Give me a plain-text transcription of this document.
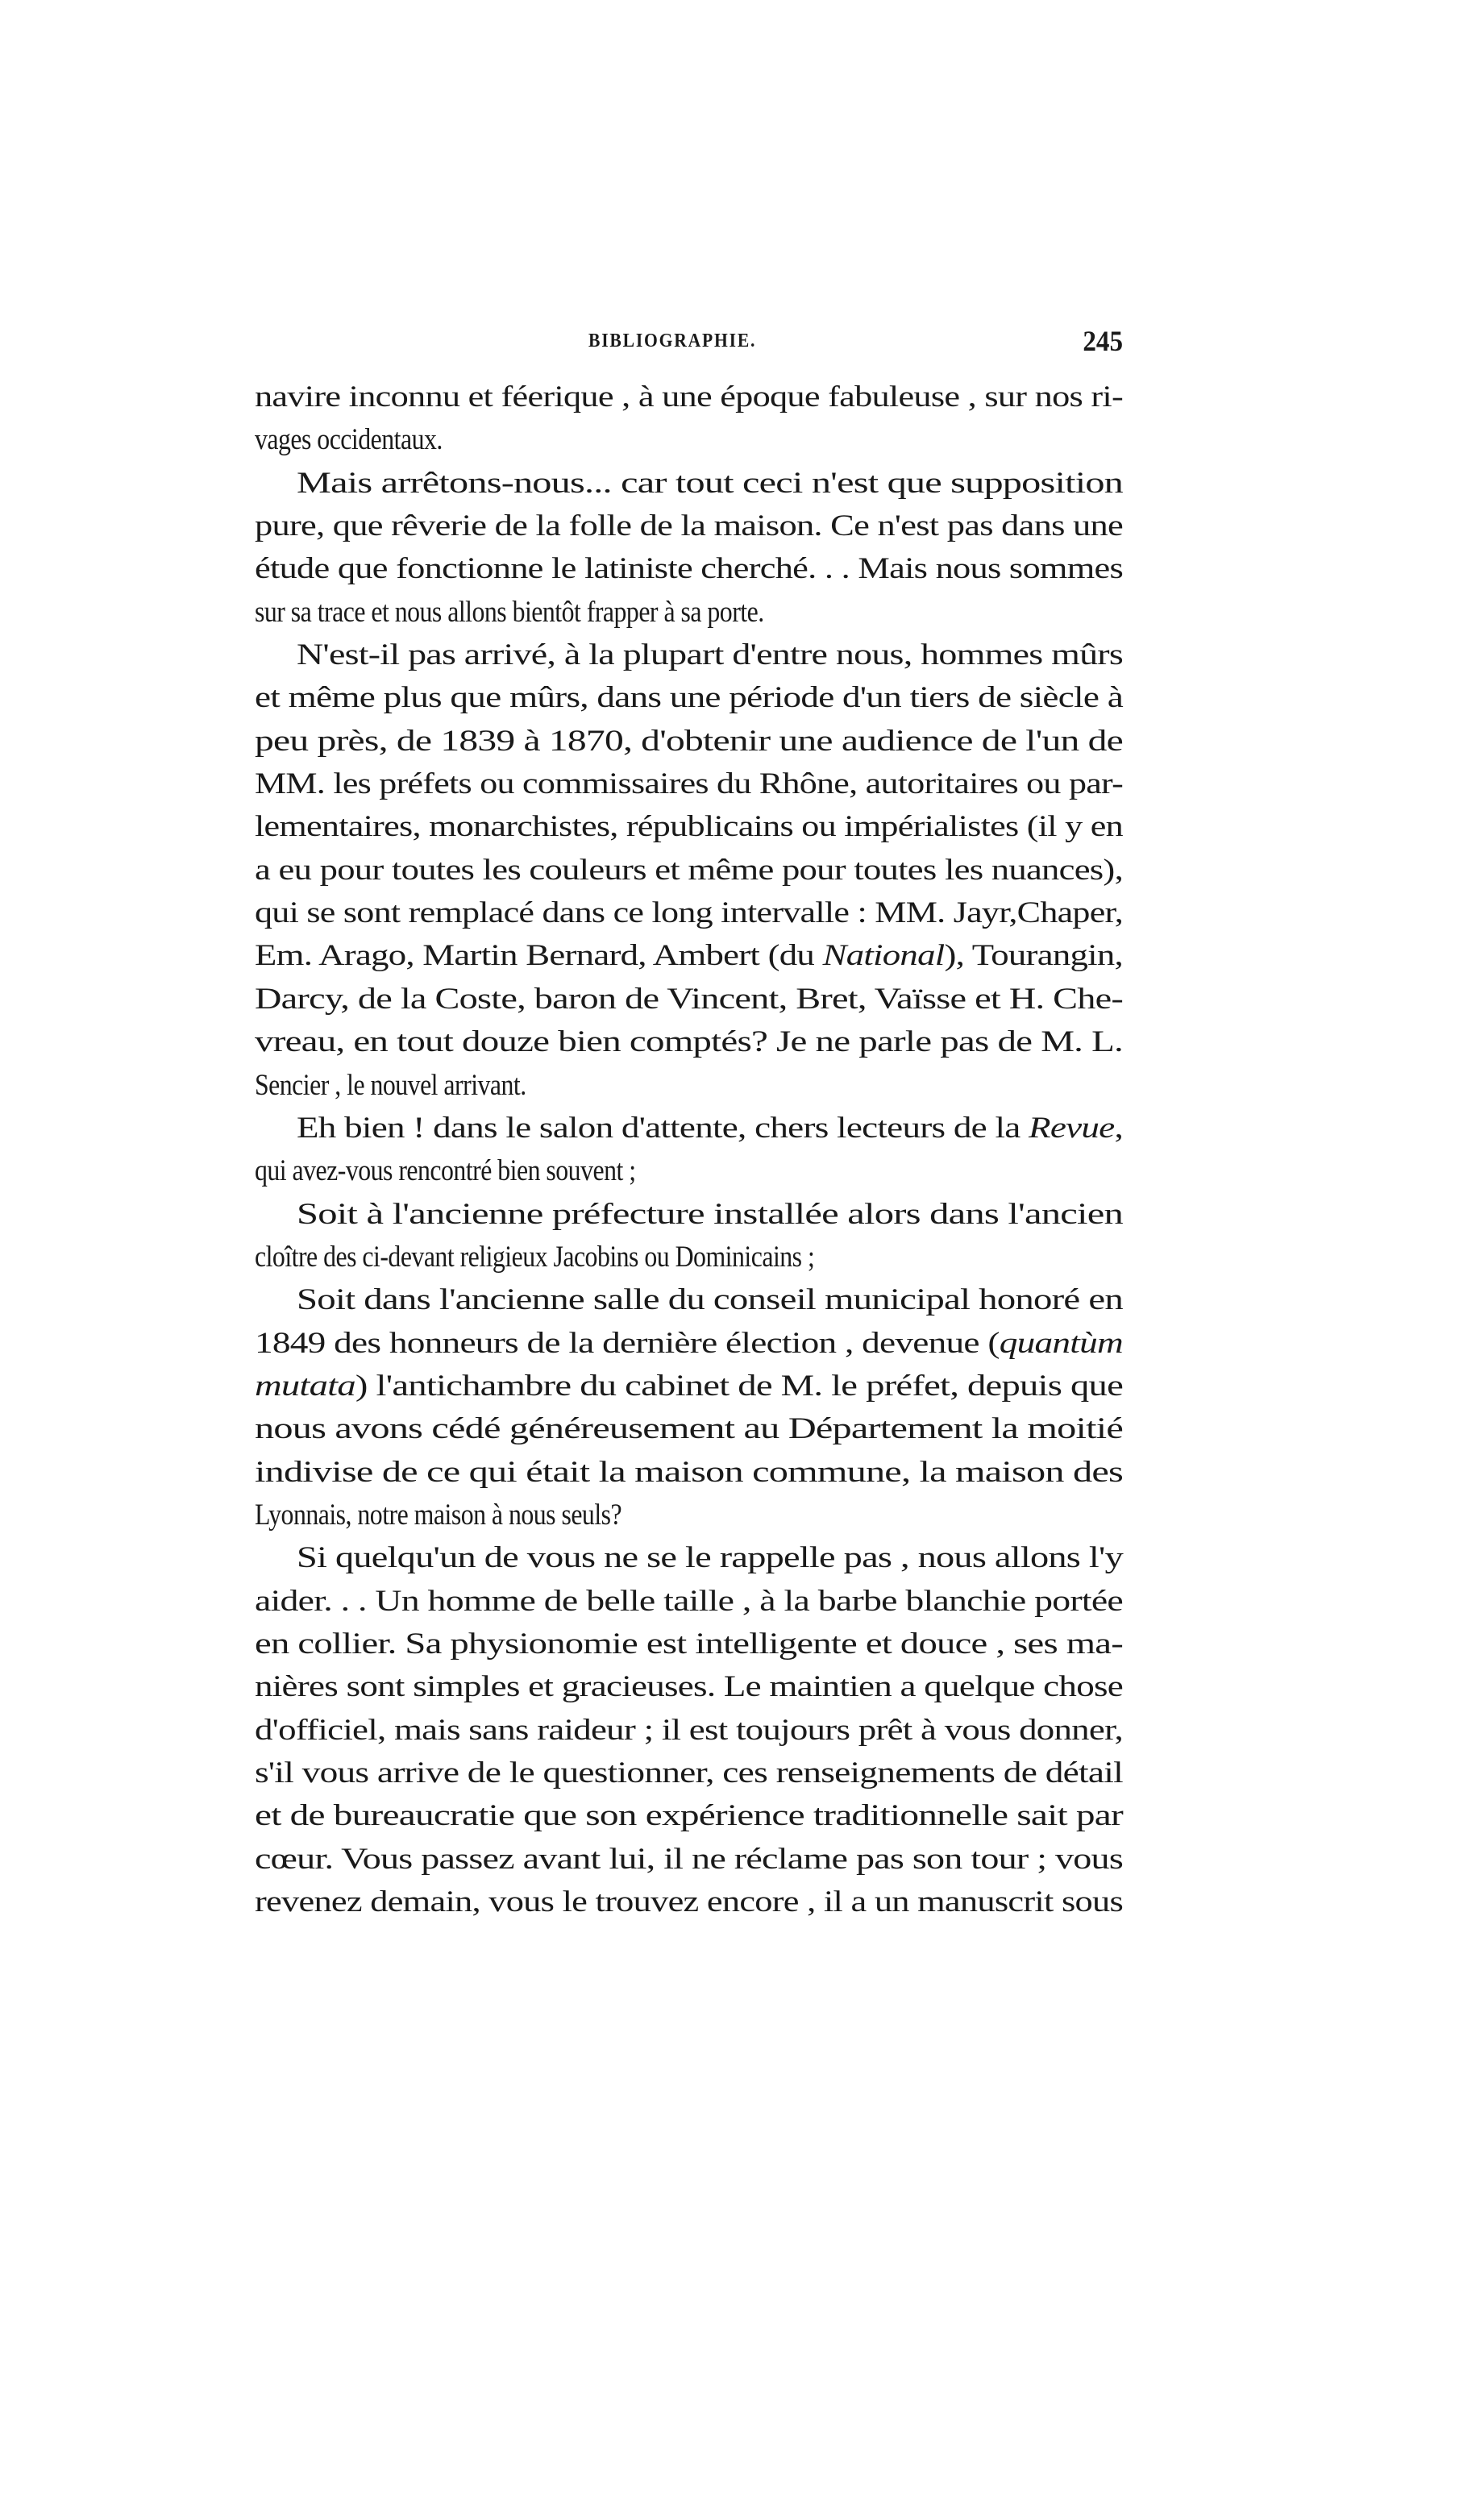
BIBLIOGRAPHIE.	245
navire inconnu et féerique , à une époque fabuleuse , sur nos ri-
vages occidentaux.
Mais arrêtons-nous... car tout ceci n'est que supposition
pure, que rêverie de la folle de la maison. Ce n'est pas dans une
étude que fonctionne le latiniste cherché. . . Mais nous sommes
sur sa trace et nous allons bientôt frapper à sa porte.
N'est-il pas arrivé, à la plupart d'entre nous, hommes mûrs
et même plus que mûrs, dans une période d'un tiers de siècle à
peu près, de 1839 à 1870, d'obtenir une audience de l'un de
MM. les préfets ou commissaires du Rhône, autoritaires ou par-
lementaires, monarchistes, républicains ou impérialistes (il y en
a eu pour toutes les couleurs et même pour toutes les nuances),
qui se sont remplacé dans ce long intervalle : MM. Jayr,Chaper,
Em. Arago, Martin Bernard, Ambert (du National), Tourangin,
Darcy, de la Coste, baron de Vincent, Bret, Vaïsse et H. Che-
vreau, en tout douze bien comptés? Je ne parle pas de M. L.
Sencier , le nouvel arrivant.
Eh bien ! dans le salon d'attente, chers lecteurs de la Revue,
qui avez-vous rencontré bien souvent ;
Soit à l'ancienne préfecture installée alors dans l'ancien
cloître des ci-devant religieux Jacobins ou Dominicains ;
Soit dans l'ancienne salle du conseil municipal honoré en
1849 des honneurs de la dernière élection , devenue (quantùm
mutata) l'antichambre du cabinet de M. le préfet, depuis que
nous avons cédé généreusement au Département la moitié
indivise de ce qui était la maison commune, la maison des
Lyonnais, notre maison à nous seuls?
Si quelqu'un de vous ne se le rappelle pas , nous allons l'y
aider. . . Un homme de belle taille , à la barbe blanchie portée
en collier. Sa physionomie est intelligente et douce , ses ma-
nières sont simples et gracieuses. Le maintien a quelque chose
d'officiel, mais sans raideur ; il est toujours prêt à vous donner,
s'il vous arrive de le questionner, ces renseignements de détail
et de bureaucratie que son expérience traditionnelle sait par
cœur. Vous passez avant lui, il ne réclame pas son tour ; vous
revenez demain, vous le trouvez encore , il a un manuscrit sous
